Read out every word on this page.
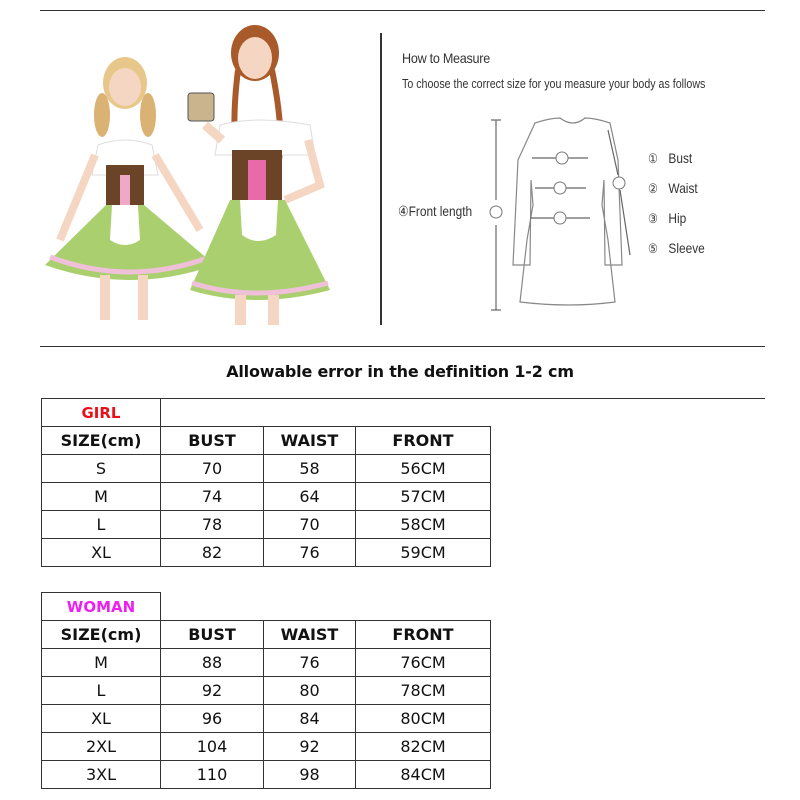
How to Measure
To choose the correct size for you measure your body as follows
④Front length
① Bust
② Waist
③ Hip
⑤ Sleeve
Allowable error in the definition 1-2 cm
GIRL			
SIZE(cm)	BUST	WAIST	FRONT
S	70	58	56CM
M	74	64	57CM
L	78	70	58CM
XL	82	76	59CM
WOMAN			
SIZE(cm)	BUST	WAIST	FRONT
M	88	76	76CM
L	92	80	78CM
XL	96	84	80CM
2XL	104	92	82CM
3XL	110	98	84CM
